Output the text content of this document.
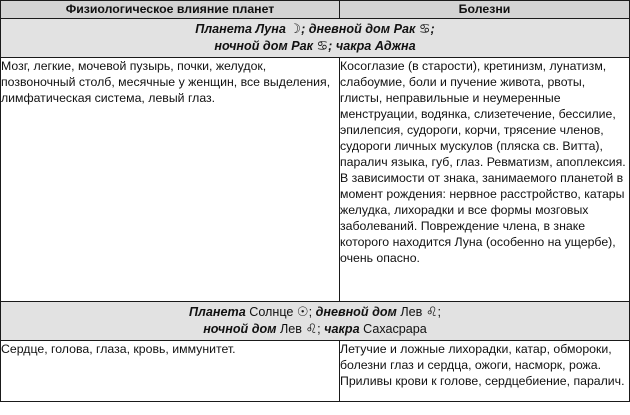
Физиологическое влияние планет	Болезни

Планета Луна ☽; дневной дом Рак ♋;
ночной дом Рак ♋; чакра Аджна	

Мозг, легкие, мочевой пузырь, почки, желудок, позвоночный столб, месячные у женщин, все выделения, лимфатическая система, левый глаз.	Косоглазие (в старости), кретинизм, лунатизм, слабоумие, боли и пучение живота, рвоты, глисты, неправильные и неумеренные менструации, водянка, слизетечение, бессилие, эпилепсия, судороги, корчи, трясение членов, судороги личных мускулов (пляска св. Витта), паралич языка, губ, глаз. Ревматизм, апоплексия. В зависимости от знака, занимаемого планетой в момент рождения: нервное расстройство, катары желудка, лихорадки и все формы мозговых заболеваний. Повреждение члена, в знаке которого находится Луна (особенно на ущербе), очень опасно.

Планета Солнце ☉; дневной дом Лев ♌;
ночной дом Лев ♌; чакра Сахасрара	

Сердце, голова, глаза, кровь, иммунитет.	Летучие и ложные лихорадки, катар, обмороки, болезни глаз и сердца, ожоги, насморк, рожа. Приливы крови к голове, сердцебиение, паралич.
